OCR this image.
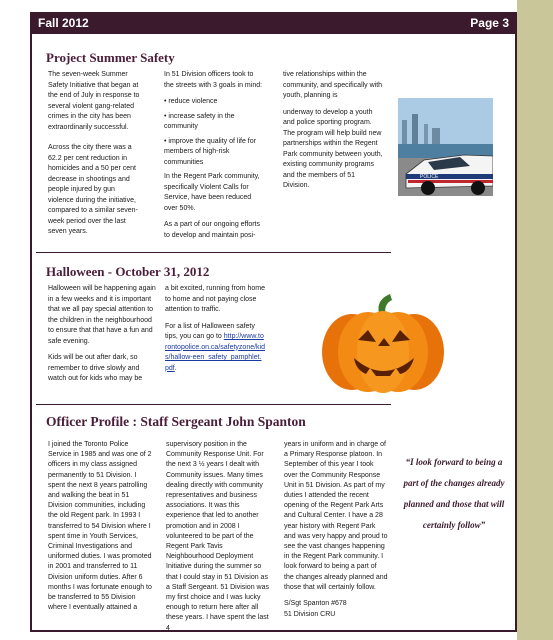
Fall 2012	Page 3
Project Summer Safety

The seven-week Summer Safety Initiative that began at the end of July in response to several violent gang-related crimes in the city has been extraordinarily successful.

Across the city there was a 62.2 per cent reduction in homicides and a 50 per cent decrease in shootings and people injured by gun violence during the initiative, compared to a similar seven-week period over the last seven years.

In 51 Division officers took to the streets with 3 goals in mind:

• reduce violence
• increase safety in the community
• improve the quality of life for members of high-risk communities

In the Regent Park community, specifically Violent Calls for Service, have been reduced over 50%.

As a part of our ongoing efforts to develop and maintain posi-

tive relationships within the community, and specifically with youth, planning is

underway to develop a youth and police sporting program. The program will help build new partnerships within the Regent Park community between youth, existing community programs and the members of 51 Division.

POLICE
Halloween - October 31, 2012

Halloween will be happening again in a few weeks and it is important that we all pay special attention to the children in the neighbourhood to ensure that that have a fun and safe evening.

Kids will be out after dark, so remember to drive slowly and watch out for kids who may be

a bit excited, running from home to home and not paying close attention to traffic.

For a list of Halloween safety tips, you can go to http://www.torontopolice.on.ca/safetyzone/kids/hallow-een_safety_pamphlet.pdf.

Officer Profile : Staff Sergeant John Spanton

I joined the Toronto Police Service in 1985 and was one of 2 officers in my class assigned permanently to 51 Division. I spent the next 8 years patrolling and walking the beat in 51 Division communities, including the old Regent park. In 1993 I transferred to 54 Division where I spent time in Youth Services, Criminal Investigations and uniformed duties. I was promoted in 2001 and transferred to 11 Division uniform duties. After 6 months I was fortunate enough to be transferred to 55 Division where I eventually attained a

supervisory position in the Community Response Unit. For the next 3 ½ years I dealt with Community issues. Many times dealing directly with community representatives and business associations. It was this experience that led to another promotion and in 2008 I volunteered to be part of the Regent Park Tavis Neighbourhood Deployment Initiative during the summer so that I could stay in 51 Division as a Staff Sergeant. 51 Division was my first choice and I was lucky enough to return here after all these years. I have spent the last 4

years in uniform and in charge of a Primary Response platoon. In September of this year I took over the Community Response Unit in 51 Division. As part of my duties I attended the recent opening of the Regent Park Arts and Cultural Center. I have a 28 year history with Regent Park and was very happy and proud to see the vast changes happening in the Regent Park community. I look forward to being a part of the changes already planned and those that will certainly follow.

S/Sgt Spanton #678
51 Division CRU
“I look forward to being a part of the changes already planned and those that will certainly follow”
